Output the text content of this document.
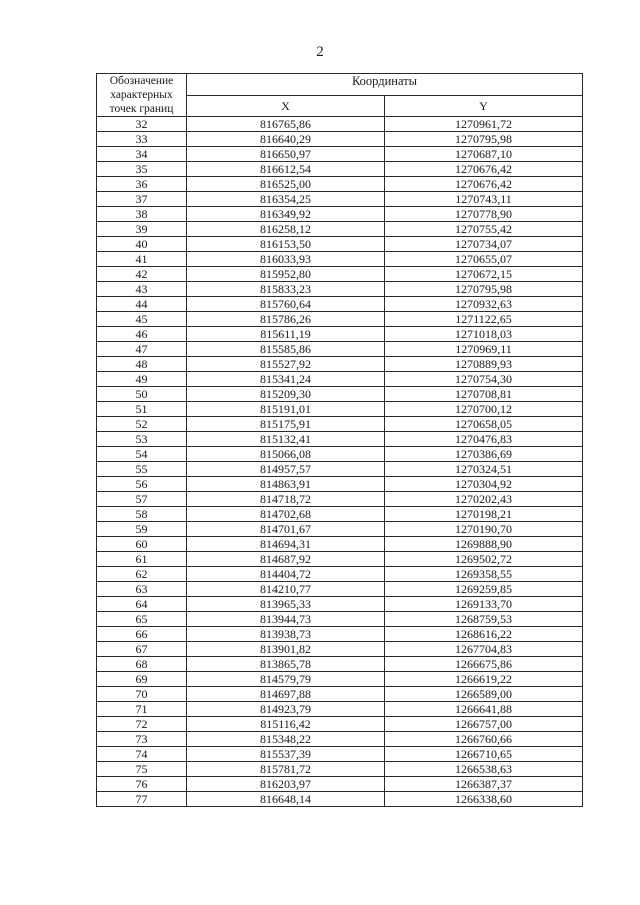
2
Обозначение характерных точек границ	Координаты	
	X	Y
32	816765,86	1270961,72
33	816640,29	1270795,98
34	816650,97	1270687,10
35	816612,54	1270676,42
36	816525,00	1270676,42
37	816354,25	1270743,11
38	816349,92	1270778,90
39	816258,12	1270755,42
40	816153,50	1270734,07
41	816033,93	1270655,07
42	815952,80	1270672,15
43	815833,23	1270795,98
44	815760,64	1270932,63
45	815786,26	1271122,65
46	815611,19	1271018,03
47	815585,86	1270969,11
48	815527,92	1270889,93
49	815341,24	1270754,30
50	815209,30	1270708,81
51	815191,01	1270700,12
52	815175,91	1270658,05
53	815132,41	1270476,83
54	815066,08	1270386,69
55	814957,57	1270324,51
56	814863,91	1270304,92
57	814718,72	1270202,43
58	814702,68	1270198,21
59	814701,67	1270190,70
60	814694,31	1269888,90
61	814687,92	1269502,72
62	814404,72	1269358,55
63	814210,77	1269259,85
64	813965,33	1269133,70
65	813944,73	1268759,53
66	813938,73	1268616,22
67	813901,82	1267704,83
68	813865,78	1266675,86
69	814579,79	1266619,22
70	814697,88	1266589,00
71	814923,79	1266641,88
72	815116,42	1266757,00
73	815348,22	1266760,66
74	815537,39	1266710,65
75	815781,72	1266538,63
76	816203,97	1266387,37
77	816648,14	1266338,60
